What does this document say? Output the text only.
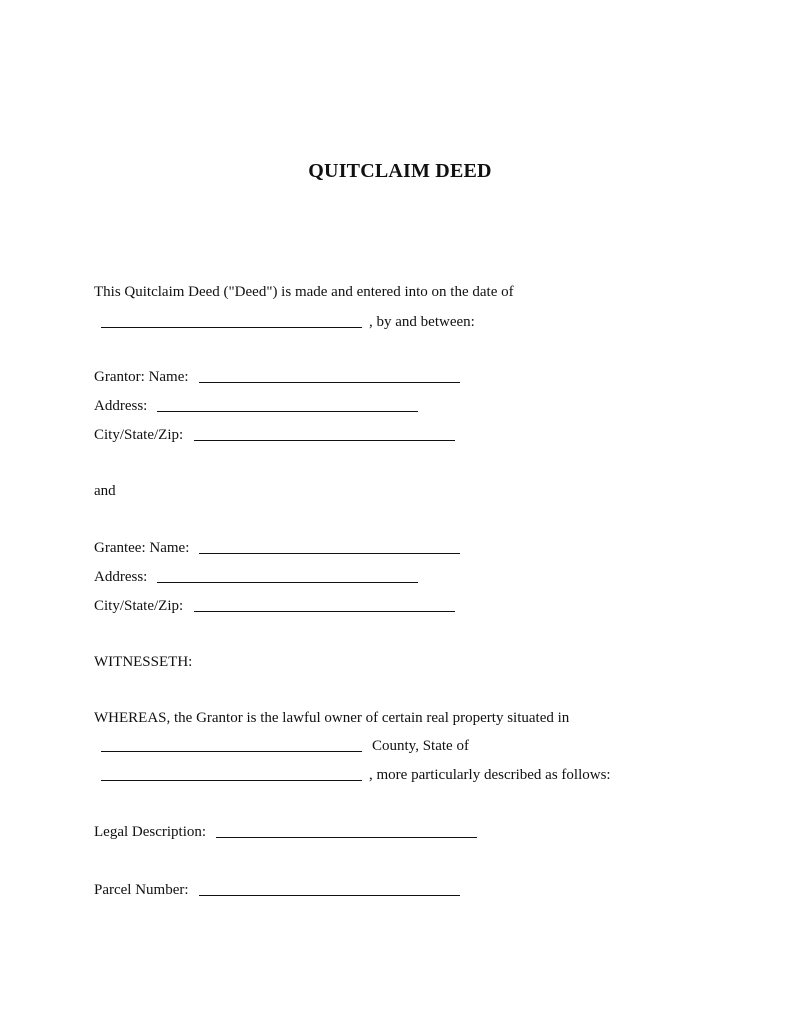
QUITCLAIM DEED
This Quitclaim Deed ("Deed") is made and entered into on the date of
, by and between:
Grantor: Name:
Address:
City/State/Zip:
and
Grantee: Name:
Address:
City/State/Zip:
WITNESSETH:
WHEREAS, the Grantor is the lawful owner of certain real property situated in
County, State of
, more particularly described as follows:
Legal Description:
Parcel Number:
